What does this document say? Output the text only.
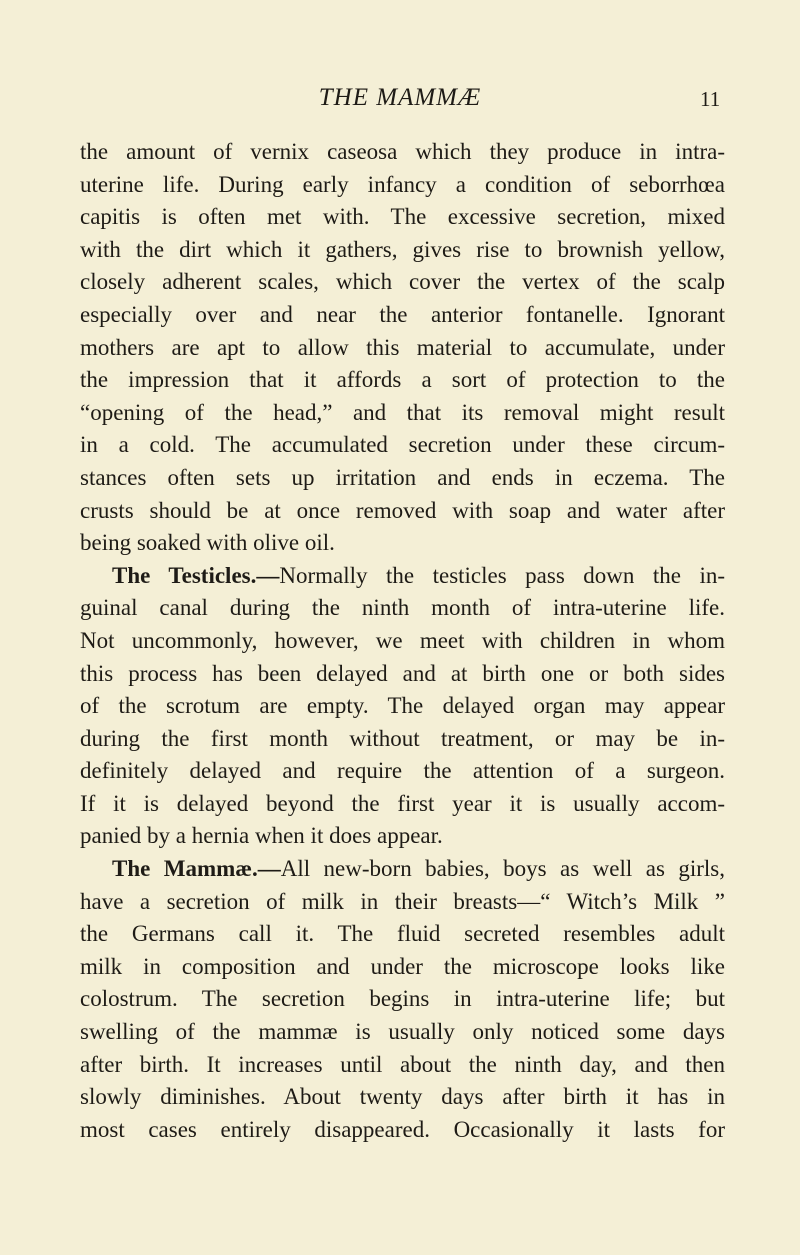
THE MAMMÆ	11
the amount of vernix caseosa which they produce in intra-
uterine life. During early infancy a condition of seborrhœa
capitis is often met with. The excessive secretion, mixed
with the dirt which it gathers, gives rise to brownish yellow,
closely adherent scales, which cover the vertex of the scalp
especially over and near the anterior fontanelle. Ignorant
mothers are apt to allow this material to accumulate, under
the impression that it affords a sort of protection to the
“opening of the head,” and that its removal might result
in a cold. The accumulated secretion under these circum-
stances often sets up irritation and ends in eczema. The
crusts should be at once removed with soap and water after
being soaked with olive oil.
The Testicles.—Normally the testicles pass down the in-
guinal canal during the ninth month of intra-uterine life.
Not uncommonly, however, we meet with children in whom
this process has been delayed and at birth one or both sides
of the scrotum are empty. The delayed organ may appear
during the first month without treatment, or may be in-
definitely delayed and require the attention of a surgeon.
If it is delayed beyond the first year it is usually accom-
panied by a hernia when it does appear.
The Mammæ.—All new-born babies, boys as well as girls,
have a secretion of milk in their breasts—“ Witch’s Milk ”
the Germans call it. The fluid secreted resembles adult
milk in composition and under the microscope looks like
colostrum. The secretion begins in intra-uterine life; but
swelling of the mammæ is usually only noticed some days
after birth. It increases until about the ninth day, and then
slowly diminishes. About twenty days after birth it has in
most cases entirely disappeared. Occasionally it lasts for
